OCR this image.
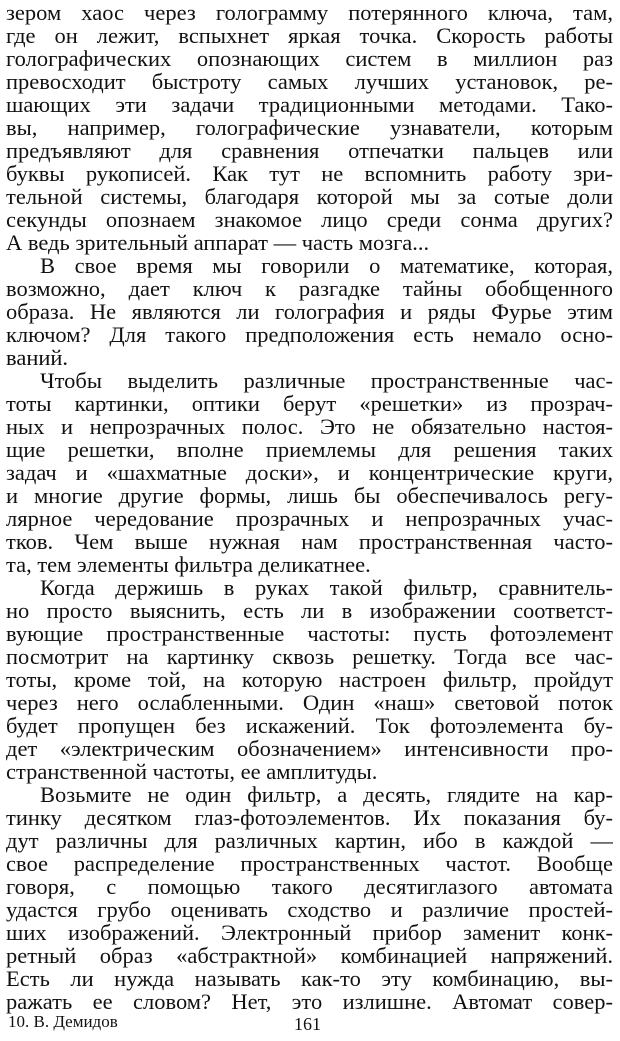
зером хаос через голограмму потерянного ключа, там,
где он лежит, вспыхнет яркая точка. Скорость работы
голографических опознающих систем в миллион раз
превосходит быстроту самых лучших установок, ре-
шающих эти задачи традиционными методами. Тако-
вы, например, голографические узнаватели, которым
предъявляют для сравнения отпечатки пальцев или
буквы рукописей. Как тут не вспомнить работу зри-
тельной системы, благодаря которой мы за сотые доли
секунды опознаем знакомое лицо среди сонма других?
А ведь зрительный аппарат — часть мозга...
В свое время мы говорили о математике, которая,
возможно, дает ключ к разгадке тайны обобщенного
образа. Не являются ли голография и ряды Фурье этим
ключом? Для такого предположения есть немало осно-
ваний.
Чтобы выделить различные пространственные час-
тоты картинки, оптики берут «решетки» из прозрач-
ных и непрозрачных полос. Это не обязательно настоя-
щие решетки, вполне приемлемы для решения таких
задач и «шахматные доски», и концентрические круги,
и многие другие формы, лишь бы обеспечивалось регу-
лярное чередование прозрачных и непрозрачных учас-
тков. Чем выше нужная нам пространственная часто-
та, тем элементы фильтра деликатнее.
Когда держишь в руках такой фильтр, сравнитель-
но просто выяснить, есть ли в изображении соответст-
вующие пространственные частоты: пусть фотоэлемент
посмотрит на картинку сквозь решетку. Тогда все час-
тоты, кроме той, на которую настроен фильтр, пройдут
через него ослабленными. Один «наш» световой поток
будет пропущен без искажений. Ток фотоэлемента бу-
дет «электрическим обозначением» интенсивности про-
странственной частоты, ее амплитуды.
Возьмите не один фильтр, а десять, глядите на кар-
тинку десятком глаз-фотоэлементов. Их показания бу-
дут различны для различных картин, ибо в каждой —
свое распределение пространственных частот. Вообще
говоря, с помощью такого десятиглазого автомата
удастся грубо оценивать сходство и различие простей-
ших изображений. Электронный прибор заменит конк-
ретный образ «абстрактной» комбинацией напряжений.
Есть ли нужда называть как-то эту комбинацию, вы-
ражать ее словом? Нет, это излишне. Автомат совер-
10. В. Демидов	161
